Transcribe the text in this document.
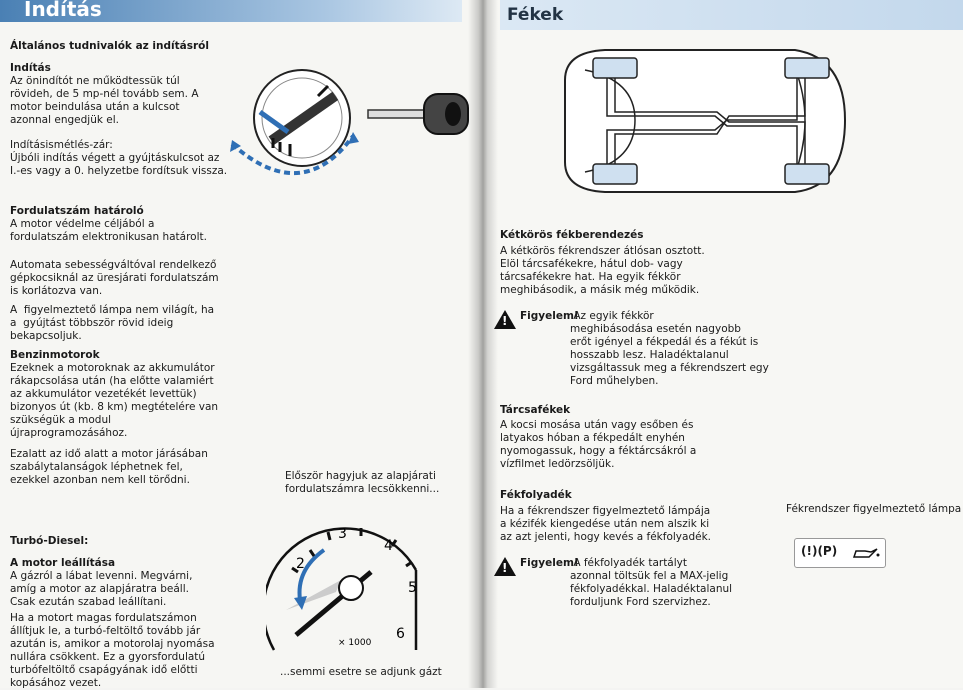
Indítás	Fékek
Általános tudnivalók az indításról
Indítás
Az önindítót ne működtessük túl
rövideh, de 5 mp-nél tovább sem. A
motor beindulása után a kulcsot
azonnal engedjük el.
Indításismétlés-zár:
Újbóli indítás végett a gyújtáskulcsot az
I.-es vagy a 0. helyzetbe fordítsuk vissza.
Fordulatszám határoló
A motor védelme céljából a
fordulatszám elektronikusan határolt.
Automata sebességváltóval rendelkező
gépkocsiknál az üresjárati fordulatszám
is korlátozva van.
A  figyelmeztető lámpa nem világít, ha
a  gyújtást többször rövid ideig
bekapcsoljuk.
Benzinmotorok
Ezeknek a motoroknak az akkumulátor
rákapcsolása után (ha előtte valamiért
az akkumulátor vezetékét levettük)
bizonyos út (kb. 8 km) megtételére van
szükségük a modul
újraprogramozásához.
Ezalatt az idő alatt a motor járásában
szabálytalanságok léphetnek fel,
ezekkel azonban nem kell törődni.
Turbó-Diesel:
A motor leállítása
A gázról a lábat levenni. Megvárni,
amíg a motor az alapjáratra beáll.
Csak ezután szabad leállítani.
Ha a motort magas fordulatszámon
állítjuk le, a turbó-feltöltő tovább jár
azután is, amikor a motorolaj nyomása
nullára csökkent. Ez a gyorsfordulatú
turbófeltöltő csapágyának idő előtti
kopásához vezet.
Először hagyjuk az alapjárati
fordulatszámra lecsökkenni...
2
3
4
5
6
× 1000
...semmi esetre se adjunk gázt
Kétkörös fékberendezés
A kétkörös fékrendszer átlósan osztott.
Elöl tárcsafékekre, hátul dob- vagy
tárcsafékekre hat. Ha egyik fékkör
meghibásodik, a másik még működik.
! Figyelem!
Az egyik fékkör
meghibásodása esetén nagyobb
erőt igényel a fékpedál és a fékút is
hosszabb lesz. Haladéktalanul
vizsgáltassuk meg a fékrendszert egy
Ford műhelyben.
Tárcsafékek
A kocsi mosása után vagy esőben és
latyakos hóban a fékpedált enyhén
nyomogassuk, hogy a féktárcsákról a
vízfilmet ledörzsöljük.
Fékfolyadék
Ha a fékrendszer figyelmeztető lámpája
a kézifék kiengedése után nem alszik ki
az azt jelenti, hogy kevés a fékfolyadék.
! Figyelem!
A fékfolyadék tartályt
azonnal töltsük fel a MAX-jelig
fékfolyadékkal. Haladéktalanul
forduljunk Ford szervizhez.
Fékrendszer figyelmeztető lámpa
(!)(P)
